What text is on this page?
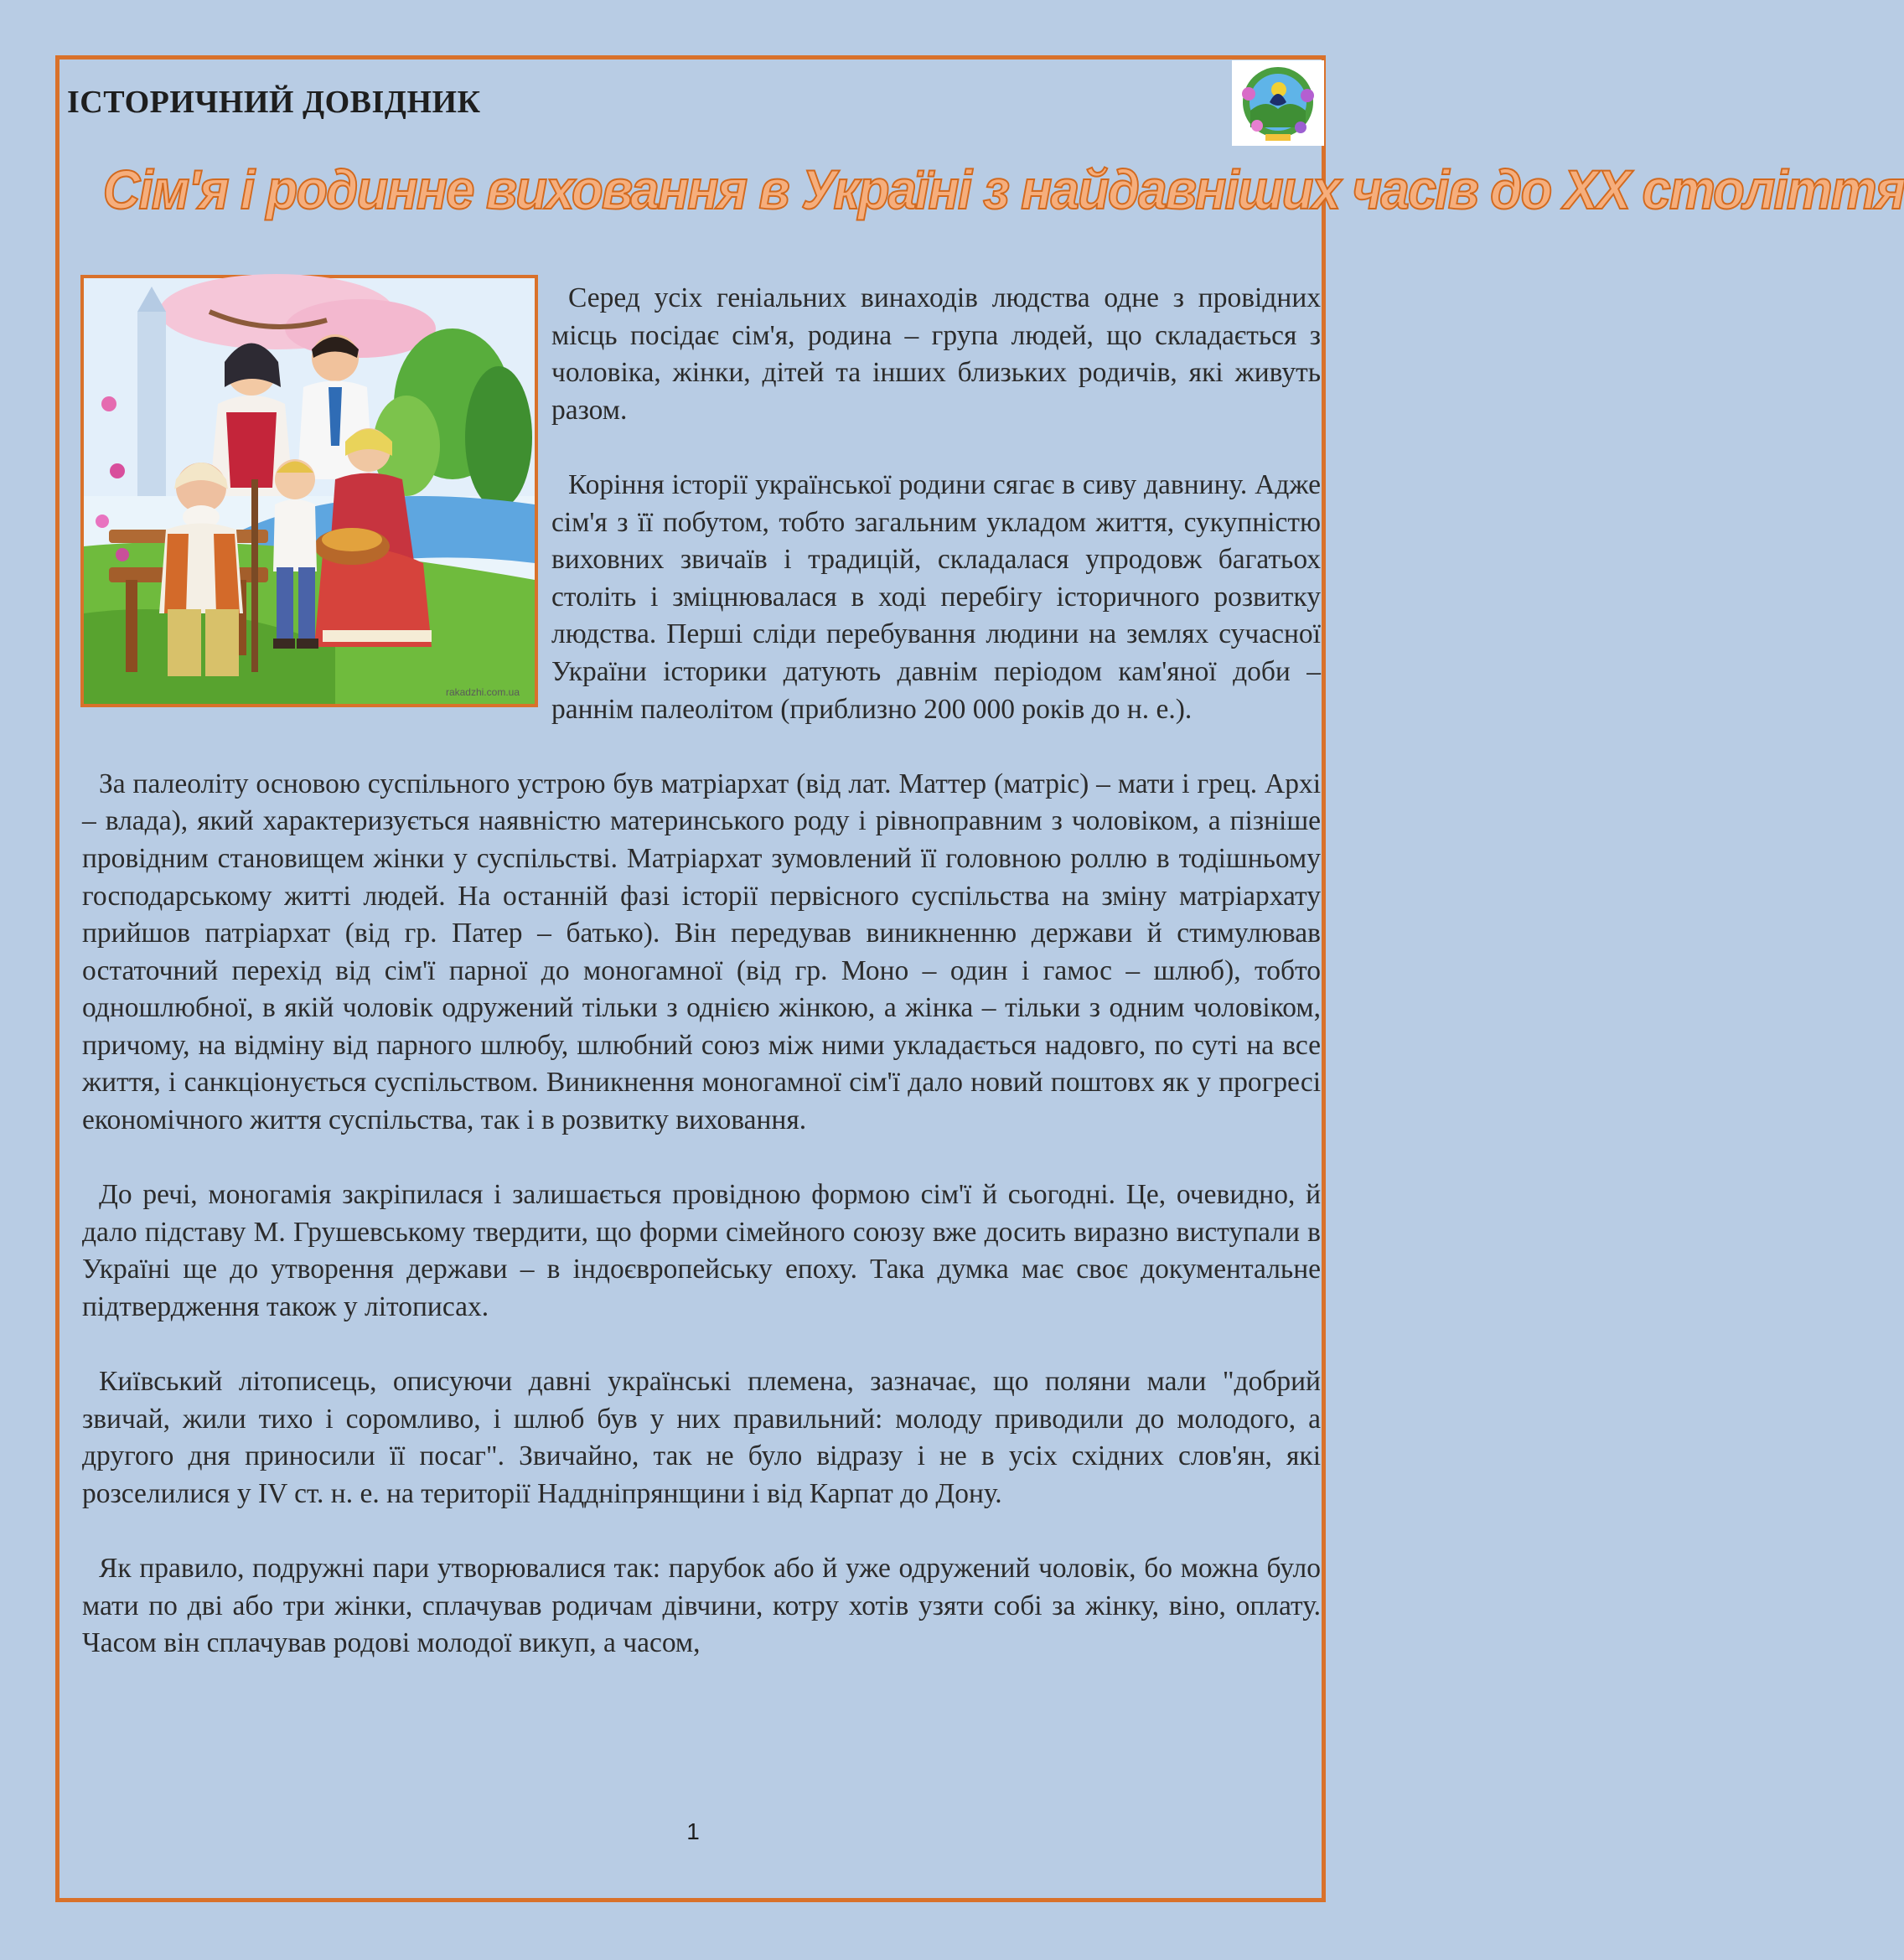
ІСТОРИЧНИЙ ДОВІДНИК
Сім'я і родинне виховання в Україні з найдавніших часів до ХХ століття
rakadzhi.com.ua

Серед усіх геніальних винаходів людства одне з провідних місць посідає сім'я, родина – група людей, що складається з чоловіка, жінки, дітей та інших близьких родичів, які живуть разом.

Коріння історії української родини сягає в сиву давнину. Адже сім'я з її побутом, тобто загальним укладом життя, сукупністю виховних звичаїв і традицій, складалася упродовж багатьох століть і зміцнювалася в ході перебігу історичного розвитку людства. Перші сліди перебування людини на землях сучасної України історики датують давнім періодом кам'яної доби – раннім палеолітом (приблизно 200 000 років до н. е.).

За палеоліту основою суспільного устрою був матріархат (від лат. Маттер (матріс) – мати і грец. Архі – влада), який характеризується наявністю материнського роду і рівноправним з чоловіком, а пізніше провідним становищем жінки у суспільстві. Матріархат зумовлений її головною роллю в тодішньому господарському житті людей. На останній фазі історії первісного суспільства на зміну матріархату прийшов патріархат (від гр. Патер – батько). Він передував виникненню держави й стимулював остаточний перехід від сім'ї парної до моногамної (від гр. Моно – один і гамос – шлюб), тобто одношлюбної, в якій чоловік одружений тільки з однією жінкою, а жінка – тільки з одним чоловіком, причому, на відміну від парного шлюбу, шлюбний союз між ними укладається надовго, по суті на все життя, і санкціонується суспільством. Виникнення моногамної сім'ї дало новий поштовх як у прогресі економічного життя суспільства, так і в розвитку виховання.

До речі, моногамія закріпилася і залишається провідною формою сім'ї й сьогодні. Це, очевидно, й дало підставу М. Грушевському твердити, що форми сімейного союзу вже досить виразно виступали в Україні ще до утворення держави – в індоєвропейську епоху. Така думка має своє документальне підтвердження також у літописах.

Київський літописець, описуючи давні українські племена, зазначає, що поляни мали "добрий звичай, жили тихо і соромливо, і шлюб був у них правильний: молоду приводили до молодого, а другого дня приносили її посаг". Звичайно, так не було відразу і не в усіх східних слов'ян, які розселилися у IV ст. н. е. на території Наддніпрянщини і від Карпат до Дону.

Як правило, подружні пари утворювалися так: парубок або й уже одружений чоловік, бо можна було мати по дві або три жінки, сплачував родичам дівчини, котру хотів узяти собі за жінку, віно, оплату. Часом він сплачував родові молодої викуп, а часом,

1
